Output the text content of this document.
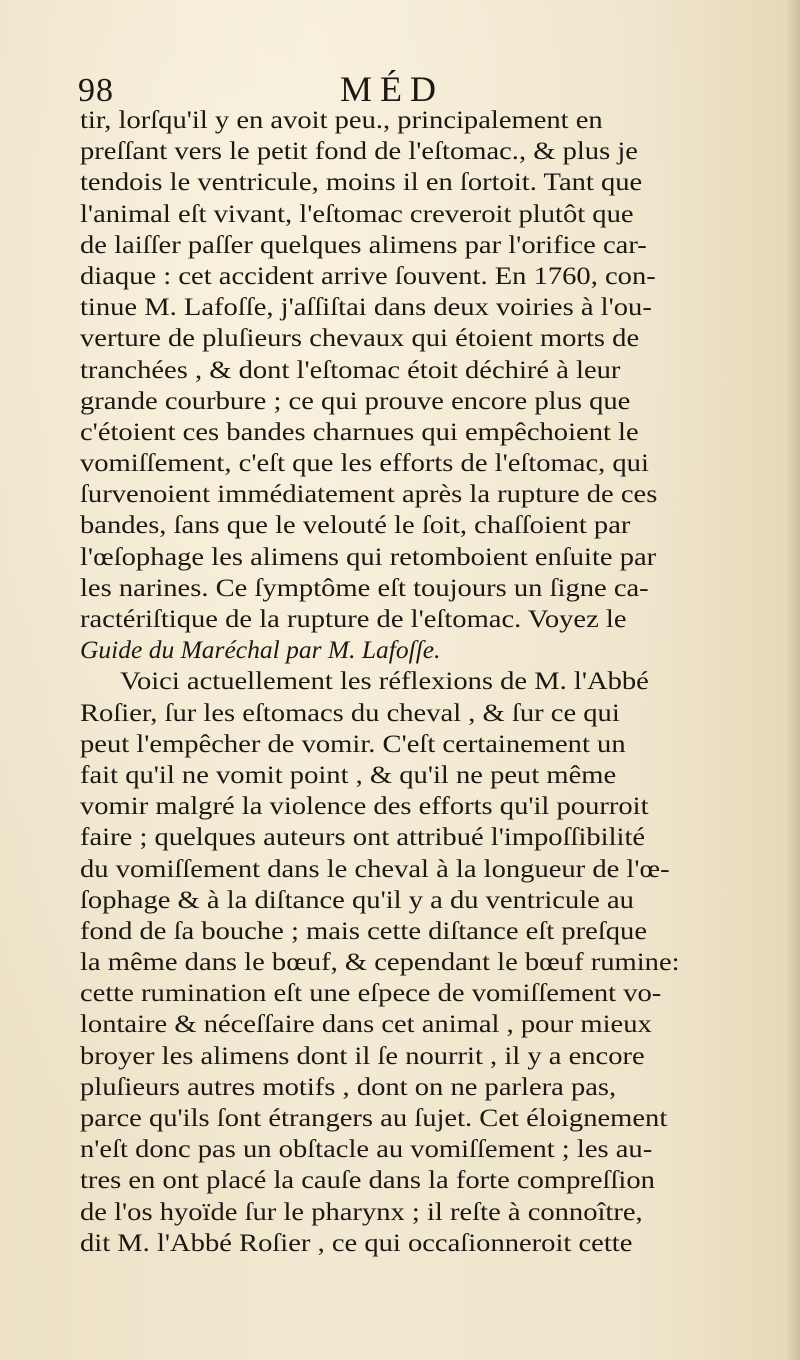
98	MÉD
tir, lorſqu'il y en avoit peu., principalement en
preſſant vers le petit fond de l'eſtomac., & plus je
tendois le ventricule, moins il en ſortoit. Tant que
l'animal eſt vivant, l'eſtomac creveroit plutôt que
de laiſſer paſſer quelques alimens par l'orifice car-
diaque : cet accident arrive ſouvent. En 1760, con-
tinue M. Lafoſſe, j'aſſiſtai dans deux voiries à l'ou-
verture de pluſieurs chevaux qui étoient morts de
tranchées , & dont l'eſtomac étoit déchiré à leur
grande courbure ; ce qui prouve encore plus que
c'étoient ces bandes charnues qui empêchoient le
vomiſſement, c'eſt que les efforts de l'eſtomac, qui
ſurvenoient immédiatement après la rupture de ces
bandes, ſans que le velouté le ſoit, chaſſoient par
l'œſophage les alimens qui retomboient enſuite par
les narines. Ce ſymptôme eſt toujours un ſigne ca-
ractériſtique de la rupture de l'eſtomac. Voyez le
Guide du Maréchal par M. Lafoſſe.
Voici actuellement les réflexions de M. l'Abbé
Roſier, ſur les eſtomacs du cheval , & ſur ce qui
peut l'empêcher de vomir. C'eſt certainement un
fait qu'il ne vomit point , & qu'il ne peut même
vomir malgré la violence des efforts qu'il pourroit
faire ; quelques auteurs ont attribué l'impoſſibilité
du vomiſſement dans le cheval à la longueur de l'œ-
ſophage & à la diſtance qu'il y a du ventricule au
fond de ſa bouche ; mais cette diſtance eſt preſque
la même dans le bœuf, & cependant le bœuf rumine:
cette rumination eſt une eſpece de vomiſſement vo-
lontaire & néceſſaire dans cet animal , pour mieux
broyer les alimens dont il ſe nourrit , il y a encore
pluſieurs autres motifs , dont on ne parlera pas,
parce qu'ils ſont étrangers au ſujet. Cet éloignement
n'eſt donc pas un obſtacle au vomiſſement ; les au-
tres en ont placé la cauſe dans la forte compreſſion
de l'os hyoïde ſur le pharynx ; il reſte à connoître,
dit M. l'Abbé Roſier , ce qui occaſionneroit cette
